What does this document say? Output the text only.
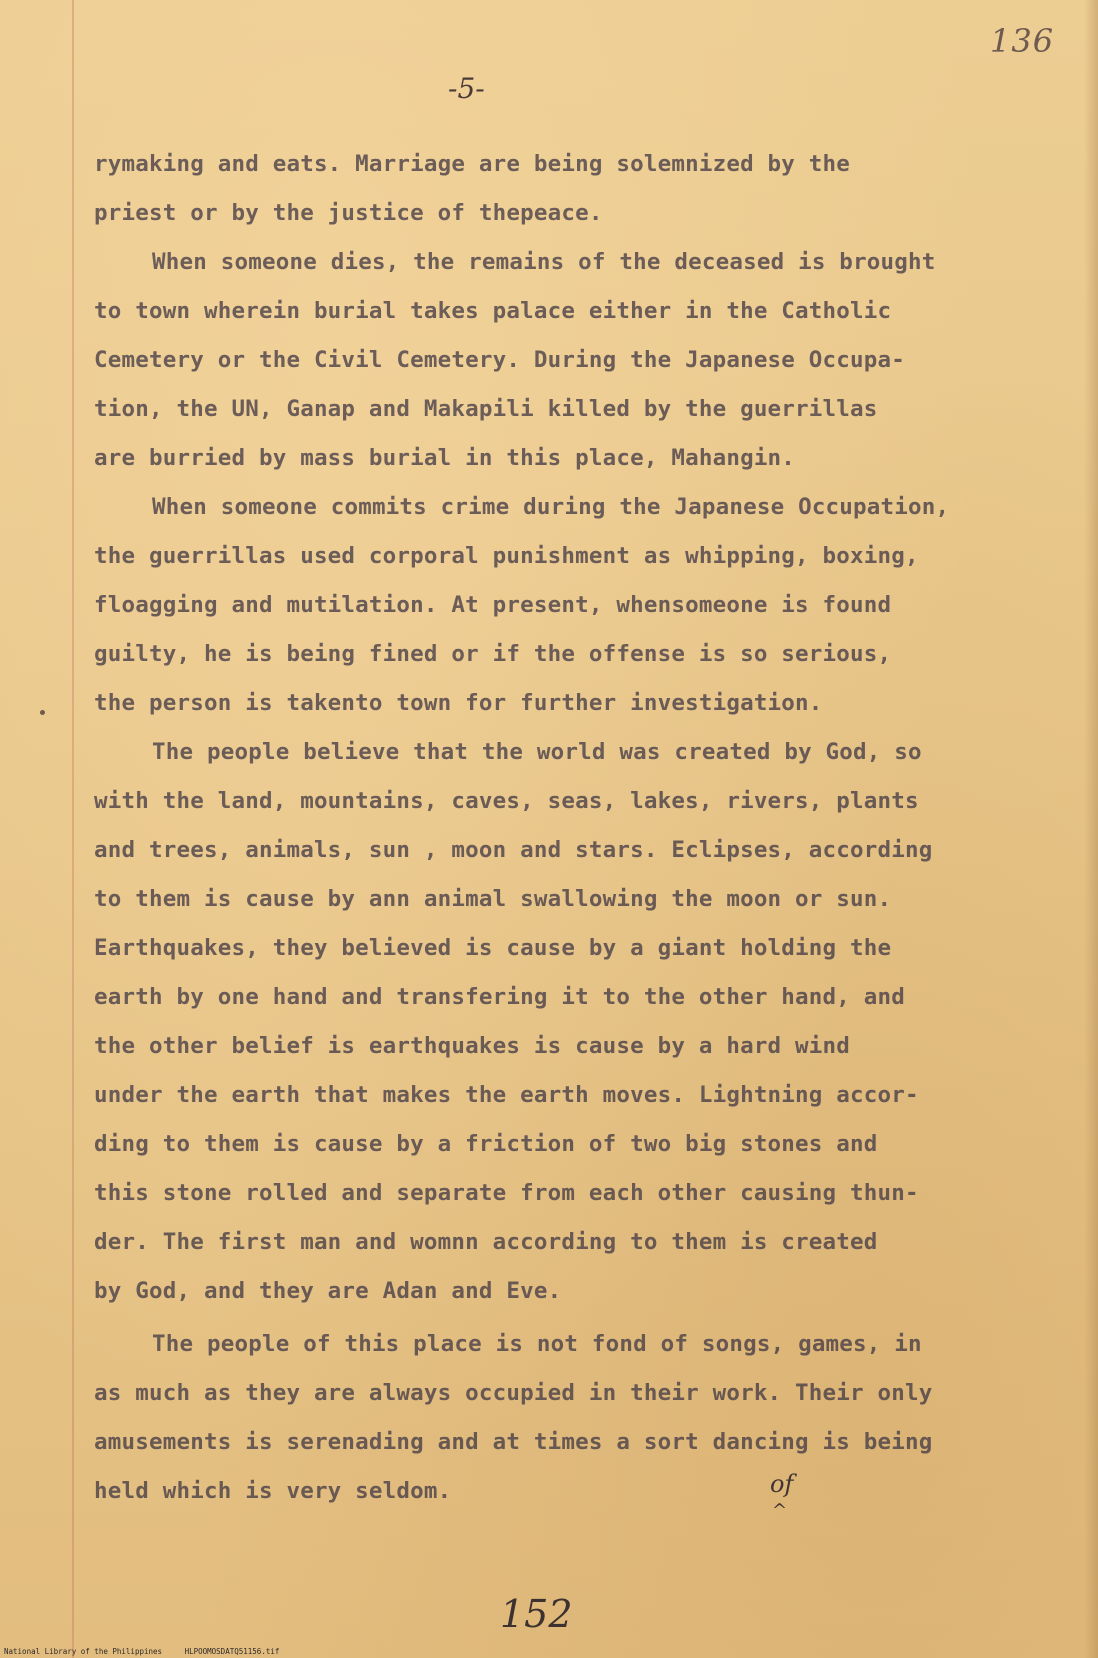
136
-5-

rymaking and eats. Marriage are being solemnized by the
priest or by the justice of thepeace.

When someone dies, the remains of the deceased is brought
to town wherein burial takes palace either in the Catholic
Cemetery or the Civil Cemetery. During the Japanese Occupa-
tion, the UN, Ganap and Makapili killed by the guerrillas
are burried by mass burial in this place, Mahangin.

When someone commits crime during the Japanese Occupation,
the guerrillas used corporal punishment as whipping, boxing,
floagging and mutilation. At present, whensomeone is found
guilty, he is being fined or if the offense is so serious,
the person is takento town for further investigation.

The people believe that the world was created by God, so
with the land, mountains, caves, seas, lakes, rivers, plants
and trees, animals, sun , moon and stars. Eclipses, according
to them is cause by ann animal swallowing the moon or sun.
Earthquakes, they believed is cause by a giant holding the
earth by one hand and transfering it to the other hand, and
the other belief is earthquakes is cause by a hard wind
under the earth that makes the earth moves. Lightning accor-
ding to them is cause by a friction of two big stones and
this stone rolled and separate from each other causing thun-
der. The first man and womnn according to them is created
by God, and they are Adan and Eve.

The people of this place is not fond of songs, games, in
as much as they are always occupied in their work. Their only
amusements is serenading and at times a sort dancing is being
held which is very seldom.	of
^
152
National Library of the Philippines	HLPOOMOSDATQ51156.tif
